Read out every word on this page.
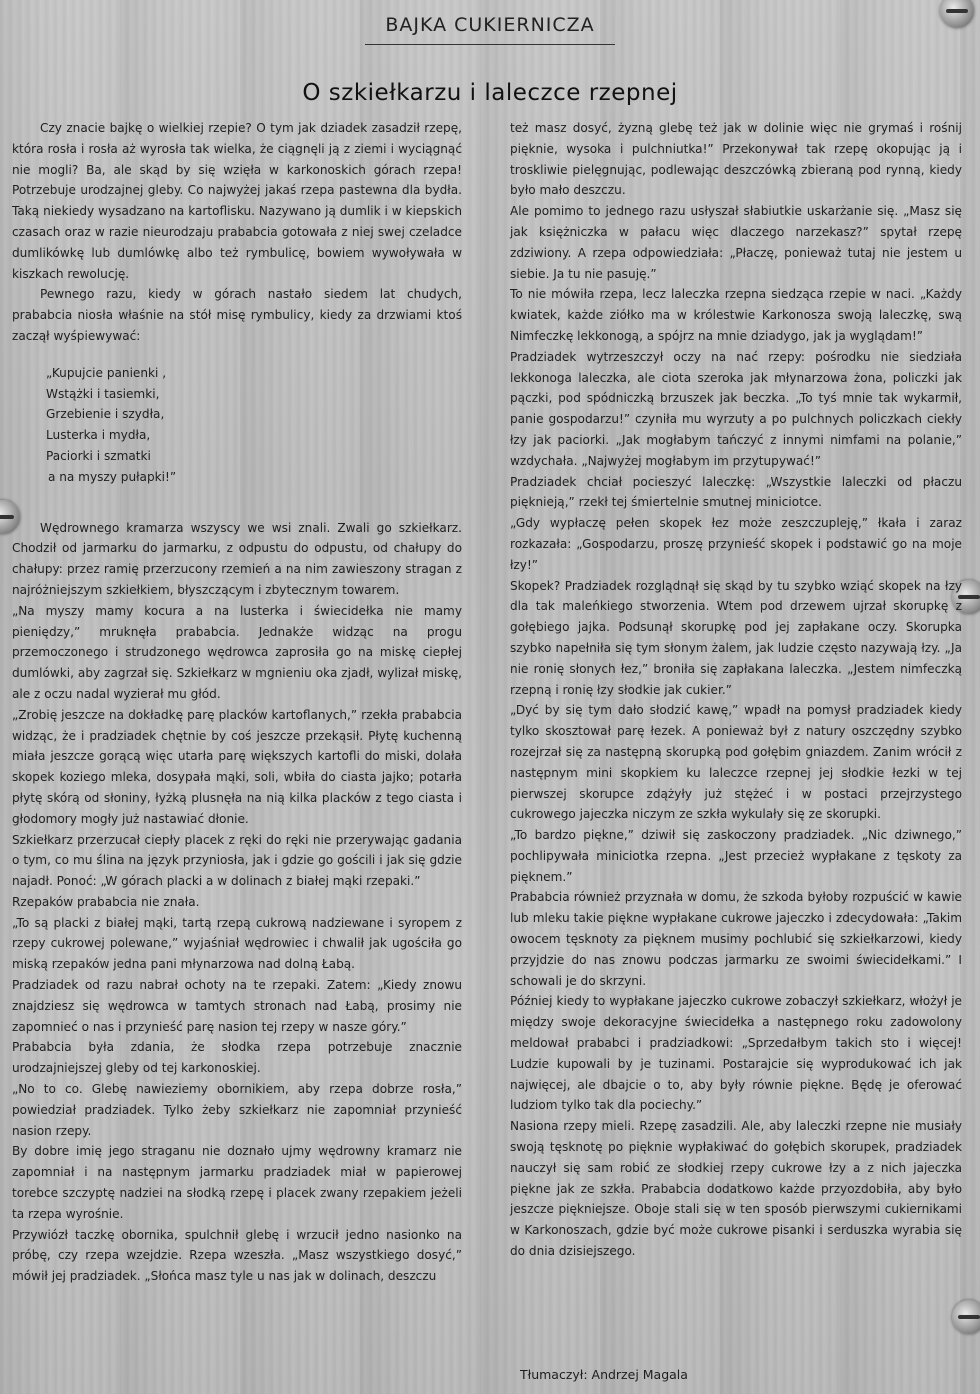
BAJKA CUKIERNICZA
O szkiełkarzu i laleczce rzepnej

Czy znacie bajkę o wielkiej rzepie? O tym jak dziadek zasadził rzepę, która rosła i rosła aż wyrosła tak wielka, że ciągnęli ją z ziemi i wyciągnąć nie mogli? Ba, ale skąd by się wzięła w karkonoskich górach rzepa! Potrzebuje urodzajnej gleby. Co najwyżej jakaś rzepa pastewna dla bydła. Taką niekiedy wysadzano na kartoflisku. Nazywano ją dumlik i w kiepskich czasach oraz w razie nieurodzaju prababcia gotowała z niej swej czeladce dumlikówkę lub dumlówkę albo też rymbulicę, bowiem wywoływała w kiszkach rewolucję.

Pewnego razu, kiedy w górach nastało siedem lat chudych, prababcia niosła właśnie na stół misę rymbulicy, kiedy za drzwiami ktoś zaczął wyśpiewywać:

„Kupujcie panienki ,
Wstążki i tasiemki,
Grzebienie i szydła,
Lusterka i mydła,
Paciorki i szmatki
a na myszy pułapki!”

Wędrownego kramarza wszyscy we wsi znali. Zwali go szkiełkarz. Chodził od jarmarku do jarmarku, z odpustu do odpustu, od chałupy do chałupy: przez ramię przerzucony rzemień a na nim zawieszony stragan z najróżniejszym szkiełkiem, błyszczącym i zbytecznym towarem.

„Na myszy mamy kocura a na lusterka i świecidełka nie mamy pieniędzy,” mruknęła prababcia. Jednakże widząc na progu przemoczonego i strudzonego wędrowca zaprosiła go na miskę ciepłej dumlówki, aby zagrzał się. Szkiełkarz w mgnieniu oka zjadł, wylizał miskę, ale z oczu nadal wyzierał mu głód.

„Zrobię jeszcze na dokładkę parę placków kartoflanych,” rzekła prababcia widząc, że i pradziadek chętnie by coś jeszcze przekąsił. Płytę kuchenną miała jeszcze gorącą więc utarła parę większych kartofli do miski, dolała skopek koziego mleka, dosypała mąki, soli, wbiła do ciasta jajko; potarła płytę skórą od słoniny, łyżką plusnęła na nią kilka placków z tego ciasta i głodomory mogły już nastawiać dłonie.

Szkiełkarz przerzucał ciepły placek z ręki do ręki nie przerywając gadania o tym, co mu ślina na język przyniosła, jak i gdzie go gościli i jak się gdzie najadł. Ponoć: „W górach placki a w dolinach z białej mąki rzepaki.”

Rzepaków prababcia nie znała.

„To są placki z białej mąki, tartą rzepą cukrową nadziewane i syropem z rzepy cukrowej polewane,” wyjaśniał wędrowiec i chwalił jak ugościła go miską rzepaków jedna pani młynarzowa nad dolną Łabą.

Pradziadek od razu nabrał ochoty na te rzepaki. Zatem: „Kiedy znowu znajdziesz się wędrowca w tamtych stronach nad Łabą, prosimy nie zapomnieć o nas i przynieść parę nasion tej rzepy w nasze góry.”

Prababcia była zdania, że słodka rzepa potrzebuje znacznie urodzajniejszej gleby od tej karkonoskiej.

„No to co. Glebę nawieziemy obornikiem, aby rzepa dobrze rosła,” powiedział pradziadek. Tylko żeby szkiełkarz nie zapomniał przynieść nasion rzepy.

By dobre imię jego straganu nie doznało ujmy wędrowny kramarz nie zapomniał i na następnym jarmarku pradziadek miał w papierowej torebce szczyptę nadziei na słodką rzepę i placek zwany rzepakiem jeżeli ta rzepa wyrośnie.

Przywiózł taczkę obornika, spulchnił glebę i wrzucił jedno nasionko na próbę, czy rzepa wzejdzie. Rzepa wzeszła. „Masz wszystkiego dosyć,” mówił jej pradziadek. „Słońca masz tyle u nas jak w dolinach, deszczu

też masz dosyć, żyzną glebę też jak w dolinie więc nie grymaś i rośnij pięknie, wysoka i pulchniutka!” Przekonywał tak rzepę okopując ją i troskliwie pielęgnując, podlewając deszczówką zbieraną pod rynną, kiedy było mało deszczu.

Ale pomimo to jednego razu usłyszał słabiutkie uskarżanie się. „Masz się jak księżniczka w pałacu więc dlaczego narzekasz?” spytał rzepę zdziwiony. A rzepa odpowiedziała: „Płaczę, ponieważ tutaj nie jestem u siebie. Ja tu nie pasuję.”

To nie mówiła rzepa, lecz laleczka rzepna siedząca rzepie w naci. „Każdy kwiatek, każde ziółko ma w królestwie Karkonosza swoją laleczkę, swą Nimfeczkę lekkonogą, a spójrz na mnie dziadygo, jak ja wyglądam!”

Pradziadek wytrzeszczył oczy na nać rzepy: pośrodku nie siedziała lekkonoga laleczka, ale ciota szeroka jak młynarzowa żona, policzki jak pączki, pod spódniczką brzuszek jak beczka. „To tyś mnie tak wykarmił, panie gospodarzu!” czyniła mu wyrzuty a po pulchnych policzkach ciekły łzy jak paciorki. „Jak mogłabym tańczyć z innymi nimfami na polanie,” wzdychała. „Najwyżej mogłabym im przytupywać!”

Pradziadek chciał pocieszyć laleczkę: „Wszystkie laleczki od płaczu pięknieją,” rzekł tej śmiertelnie smutnej miniciotce.

„Gdy wypłaczę pełen skopek łez może zeszczupleję,” łkała i zaraz rozkazała: „Gospodarzu, proszę przynieść skopek i podstawić go na moje łzy!”

Skopek? Pradziadek rozglądnął się skąd by tu szybko wziąć skopek na łzy dla tak maleńkiego stworzenia. Wtem pod drzewem ujrzał skorupkę z gołębiego jajka. Podsunął skorupkę pod jej zapłakane oczy. Skorupka szybko napełniła się tym słonym żalem, jak ludzie często nazywają łzy. „Ja nie ronię słonych łez,” broniła się zapłakana laleczka. „Jestem nimfeczką rzepną i ronię łzy słodkie jak cukier.”

„Dyć by się tym dało słodzić kawę,” wpadł na pomysł pradziadek kiedy tylko skosztował parę łezek. A ponieważ był z natury oszczędny szybko rozejrzał się za następną skorupką pod gołębim gniazdem. Zanim wrócił z następnym mini skopkiem ku laleczce rzepnej jej słodkie łezki w tej pierwszej skorupce zdążyły już stężeć i w postaci przejrzystego cukrowego jajeczka niczym ze szkła wykulały się ze skorupki.

„To bardzo piękne,” dziwił się zaskoczony pradziadek. „Nic dziwnego,” pochlipywała miniciotka rzepna. „Jest przecież wypłakane z tęskoty za pięknem.”

Prababcia również przyznała w domu, że szkoda byłoby rozpuścić w kawie lub mleku takie piękne wypłakane cukrowe jajeczko i zdecydowała: „Takim owocem tęsknoty za pięknem musimy pochlubić się szkiełkarzowi, kiedy przyjdzie do nas znowu podczas jarmarku ze swoimi świecidełkami.” I schowali je do skrzyni.

Później kiedy to wypłakane jajeczko cukrowe zobaczył szkiełkarz, włożył je między swoje dekoracyjne świecidełka a następnego roku zadowolony meldował prababci i pradziadkowi: „Sprzedałbym takich sto i więcej! Ludzie kupowali by je tuzinami. Postarajcie się wyprodukować ich jak najwięcej, ale dbajcie o to, aby były równie piękne. Będę je oferować ludziom tylko tak dla pociechy.”

Nasiona rzepy mieli. Rzepę zasadzili. Ale, aby laleczki rzepne nie musiały swoją tęsknotę po pięknie wypłakiwać do gołębich skorupek, pradziadek nauczył się sam robić ze słodkiej rzepy cukrowe łzy a z nich jajeczka piękne jak ze szkła. Prababcia dodatkowo każde przyozdobiła, aby było jeszcze piękniejsze. Oboje stali się w ten sposób pierwszymi cukiernikami w Karkonoszach, gdzie być może cukrowe pisanki i serduszka wyrabia się do dnia dzisiejszego.

Tłumaczył: Andrzej Magala
